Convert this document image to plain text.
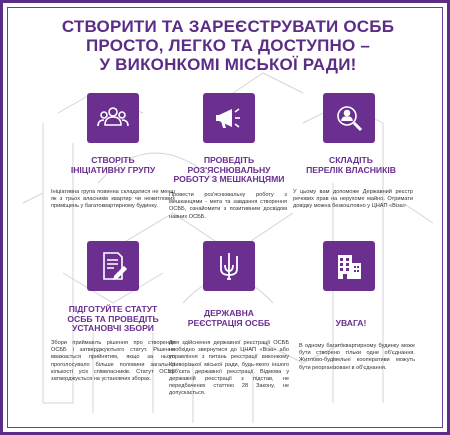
СТВОРИТИ ТА ЗАРЕЄСТРУВАТИ ОСББ
ПРОСТО, ЛЕГКО ТА ДОСТУПНО –
У ВИКОНКОМІ МІСЬКОЇ РАДИ!
СТВОРІТЬ
ІНІЦІАТИВНУ ГРУПУ
Ініціативна група повинна складатися не менш як з трьох власників квартир чи нежитлових приміщень у багатоквартирному будинку.
ПРОВЕДІТЬ
РОЗ'ЯСНЮВАЛЬНУ
РОБОТУ З МЕШКАНЦЯМИ
Провести роз'яснювальну роботу з мешканцями - мета та завдання створення ОСББ, ознайомити з позитивним досвідом навних ОСББ.
СКЛАДІТЬ
ПЕРЕЛІК ВЛАСНИКІВ
У цьому вам допоможе Державний реєстр речових прав на нерухоме майно. Отримати довідку можна безкоштовно у ЦНАП «Віза»
ПІДГОТУЙТЕ СТАТУТ
ОСББ ТА ПРОВЕДІТЬ
УСТАНОВЧІ ЗБОРИ
Збори приймають рішення про створення ОСББ і затверджуютього статут. Рішення вважається прийнятим, якщо за нього проголосувало більше половини загальної кількості усіх співвласників. Статут ОСББ затверджується на установчих зборах.
ДЕРЖАВНА
РЕЄСТРАЦІЯ ОСББ
Для здійснення державної реєстрації ОСББ необхідно звернутися до ЦНАП «Віза» або управління з питань реєстрації виконкому Криворізької міської ради, будь-якого іншого суб'єкта державної реєстрації. Відмова у державній реєстрації з підстав, не передбачених статтею 28 Закону, не допускається.
УВАГА!
В одному багатоквартирному будинку може бути створено тільки одне об'єднання. Житлово-будівельні кооперативи можуть бути реорганізовані в об'єднання.
